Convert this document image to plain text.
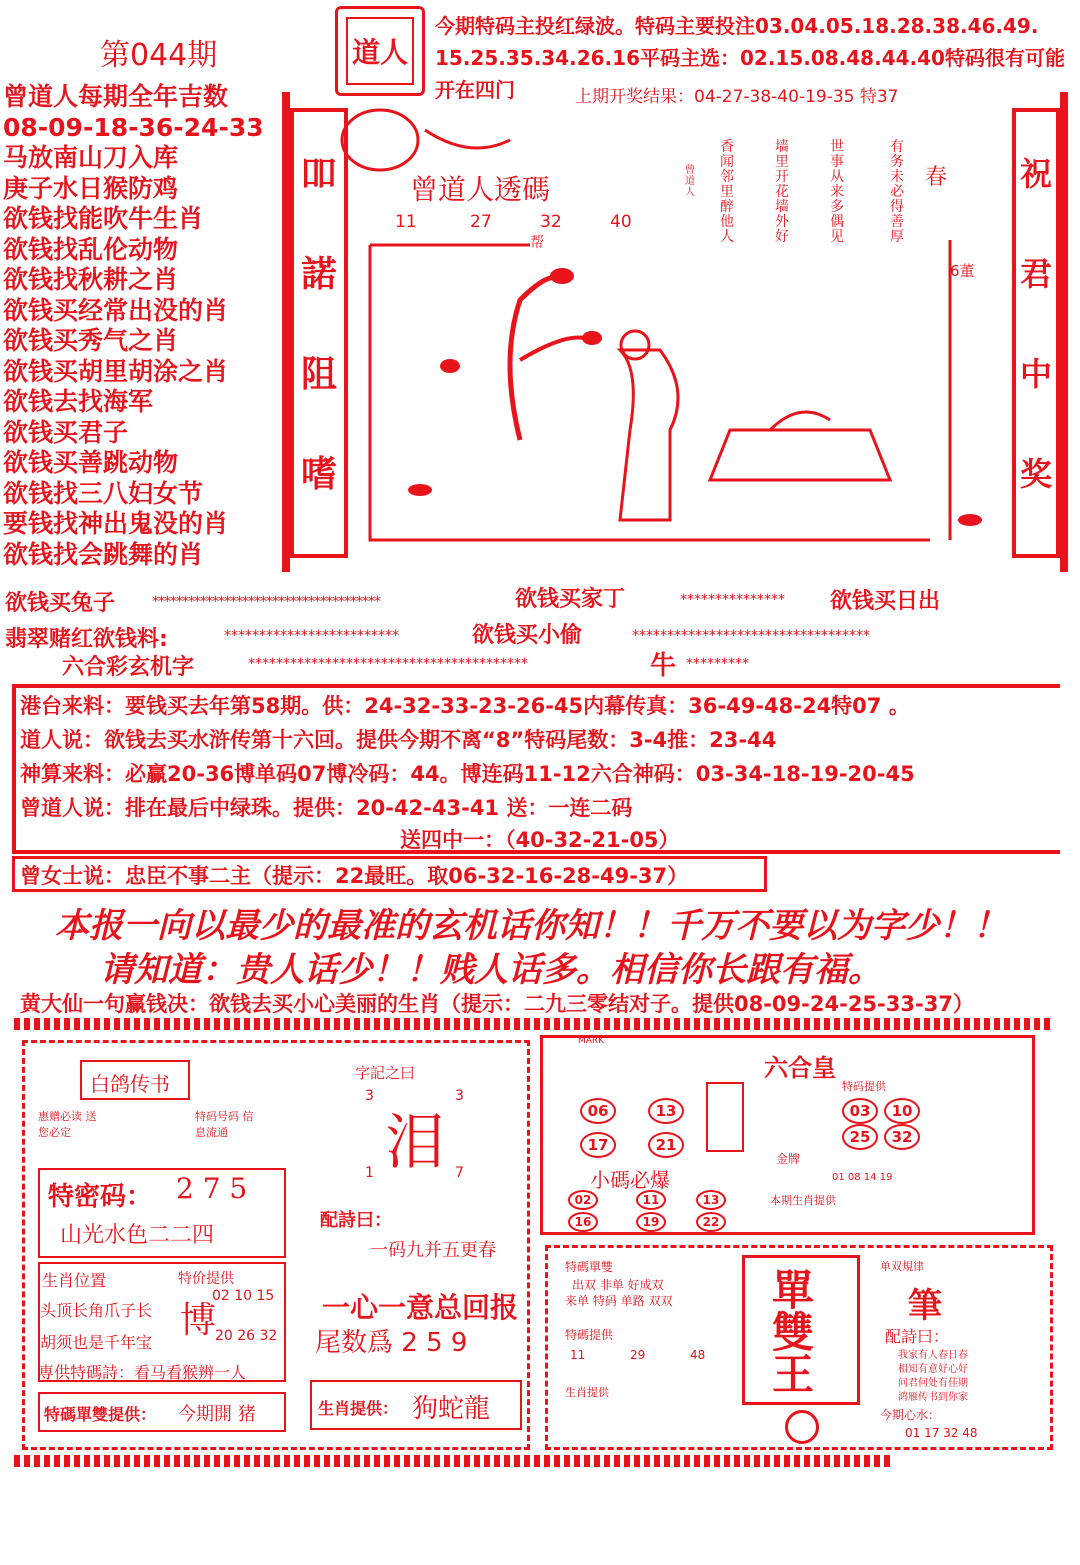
第044期	道人
今期特码主投红绿波。特码主要投注03.04.05.18.28.38.46.49.
15.25.35.34.26.16平码主选：02.15.08.48.44.40特码很有可能
开在四门	上期开奖结果：04-27-38-40-19-35 特37
曾道人每期全年吉数
08-09-18-36-24-33
马放南山刀入库
庚子水日猴防鸡
欲钱找能吹牛生肖
欲钱找乱伦动物
欲钱找秋耕之肖
欲钱买经常出没的肖
欲钱买秀气之肖
欲钱买胡里胡涂之肖
欲钱去找海军
欲钱买君子
欲钱买善跳动物
欲钱找三八妇女节
要钱找神出鬼没的肖
欲钱找会跳舞的肖
吅
諾
阻
嗜
祝
君
中
奖
曾道人透碼
11	27	32	40
帮
6董
春
有务未必得善厚
世事从来多偶见
墙里开花墙外好
香闻邻里醉他人
曾道人
欲钱买兔子	**************************************	欲钱买家丁	*************** 欲钱买日出
翡翠赌红欲钱料:	*************************	欲钱买小偷	**********************************
六合彩玄机字	****************************************	牛 *********
港台来料：要钱买去年第58期。供：24-32-33-23-26-45内幕传真：36-49-48-24特07 。
道人说：欲钱去买水浒传第十六回。提供今期不离“8”特码尾数：3-4推：23-44
神算来料：必赢20-36博单码07博冷码：44。博连码11-12六合神码：03-34-18-19-20-45
曾道人说：排在最后中绿珠。提供：20-42-43-41 送：一连二码
送四中一：（40-32-21-05）
曾女士说：忠臣不事二主（提示：22最旺。取06-32-16-28-49-37）
本报一向以最少的最准的玄机话你知！！千万不要以为字少！！
请知道：贵人话少！！贱人话多。相信你长跟有福。
黄大仙一句赢钱决：欲钱去买小心美丽的生肖（提示：二九三零结对子。提供08-09-24-25-33-37）
白鸽传书
惠赠必读 送您必定
特码号码 信息流通
字記之曰
3	3
泪
1	7
特密码： 2 7 5
山光水色二二四
配詩曰：
一码九并五更春
生肖位置
头顶长角爪子长
胡须也是千年宝
特价提供
博
02 10 15
20 26 32
一心一意总回报
尾数爲 2 5 9
専供特碼詩：看马看猴辨一人
特碼單雙提供： 今期開 猪	生肖提供： 狗蛇龍
MARK
六合皇
06	13
17	21
特码提供
03	10
25	32
金牌
01 08 14 19
小碼必爆
02	11	13
16	19	22
本期生肖提供
特碼單雙
出双 非单 好成双
来单 特码 单路 双双
特碼提供
11	29	48
生肖提供
單
雙
王
单双規律
筆
配詩曰：
我家有人春日春
相知有意好心好
问君何处有佳期
鸿雁传书到你家
今期心水：
01 17 32 48
